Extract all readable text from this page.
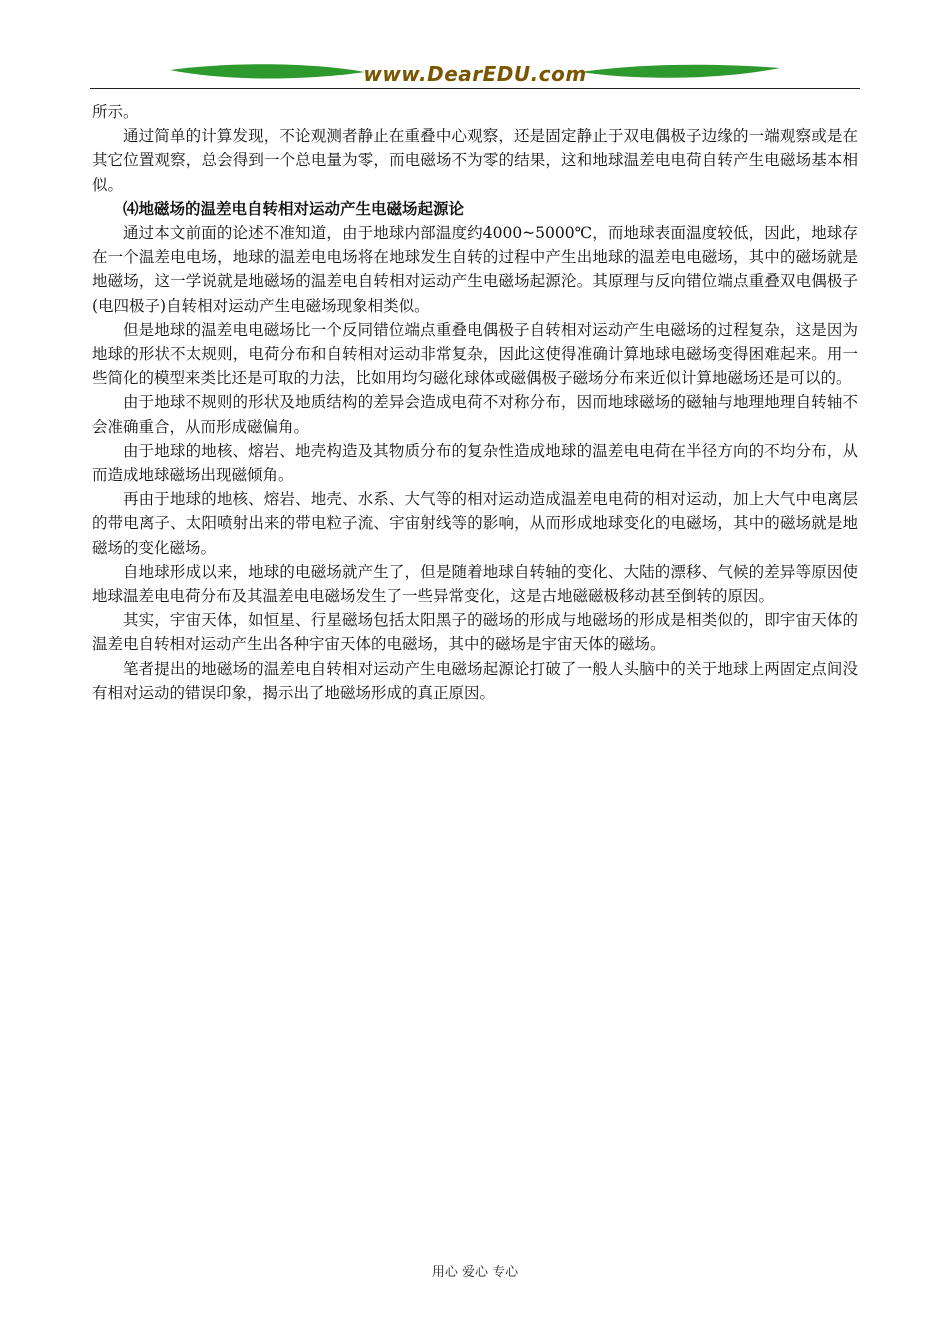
www.DearEDU.com

所示。

通过简单的计算发现，不论观测者静止在重叠中心观察，还是固定静止于双电偶极子边缘的一端观察或是在其它位置观察，总会得到一个总电量为零，而电磁场不为零的结果，这和地球温差电电荷自转产生电磁场基本相似。

⑷地磁场的温差电自转相对运动产生电磁场起源论

通过本文前面的论述不准知道，由于地球内部温度约4000~5000℃，而地球表面温度较低，因此，地球存在一个温差电电场，地球的温差电电场将在地球发生自转的过程中产生出地球的温差电电磁场，其中的磁场就是地磁场，这一学说就是地磁场的温差电自转相对运动产生电磁场起源沦。其原理与反向错位端点重叠双电偶极子(电四极子)自转相对运动产生电磁场现象相类似。

但是地球的温差电电磁场比一个反同错位端点重叠电偶极子自转相对运动产生电磁场的过程复杂，这是因为地球的形状不太规则，电荷分布和自转相对运动非常复杂，因此这使得准确计算地球电磁场变得困难起来。用一些简化的模型来类比还是可取的力法，比如用均匀磁化球体或磁偶极子磁场分布来近似计算地磁场还是可以的。

由于地球不规则的形状及地质结构的差异会造成电荷不对称分布，因而地球磁场的磁轴与地理地理自转轴不会准确重合，从而形成磁偏角。

由于地球的地核、熔岩、地壳构造及其物质分布的复杂性造成地球的温差电电荷在半径方向的不均分布，从而造成地球磁场出现磁倾角。

再由于地球的地核、熔岩、地壳、水系、大气等的相对运动造成温差电电荷的相对运动，加上大气中电离层的带电离子、太阳喷射出来的带电粒子流、宇宙射线等的影响，从而形成地球变化的电磁场，其中的磁场就是地磁场的变化磁场。

自地球形成以来，地球的电磁场就产生了，但是随着地球自转轴的变化、大陆的漂移、气候的差异等原因使地球温差电电荷分布及其温差电电磁场发生了一些异常变化，这是古地磁磁极移动甚至倒转的原因。

其实，宇宙天体，如恒星、行星磁场包括太阳黑子的磁场的形成与地磁场的形成是相类似的，即宇宙天体的温差电自转相对运动产生出各种宇宙天体的电磁场，其中的磁场是宇宙天体的磁场。

笔者提出的地磁场的温差电自转相对运动产生电磁场起源论打破了一般人头脑中的关于地球上两固定点间没有相对运动的错误印象，揭示出了地磁场形成的真正原因。

用心 爱心 专心
